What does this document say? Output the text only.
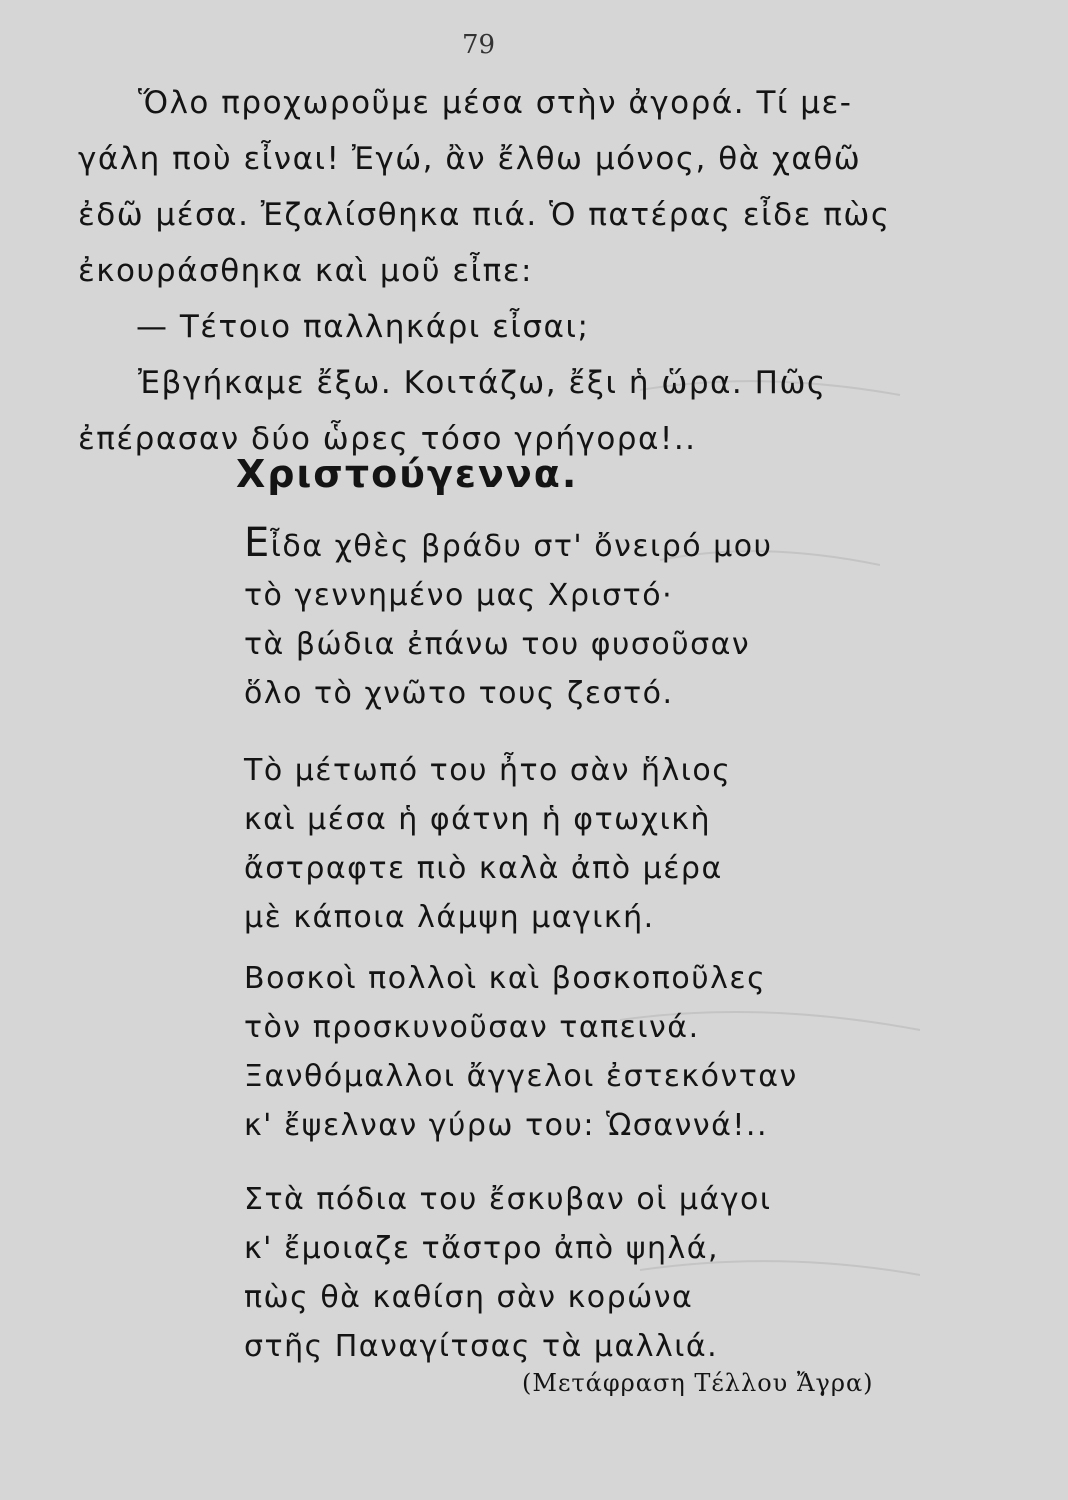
79
Ὅλο προχωροῦμε μέσα στὴν ἀγορά. Τί με-
γάλη ποὺ εἶναι! Ἐγώ, ἂν ἔλθω μόνος, θὰ χαθῶ
ἐδῶ μέσα. Ἐζαλίσθηκα πιά. Ὁ πατέρας εἶδε πὼς
ἐκουράσθηκα καὶ μοῦ εἶπε:
— Τέτοιο παλληκάρι εἶσαι;
Ἐβγήκαμε ἔξω. Κοιτάζω, ἔξι ἡ ὥρα. Πῶς
ἐπέρασαν δύο ὧρες τόσο γρήγορα!..
Χριστούγεννα.
Εἶδα χθὲς βράδυ στ' ὄνειρό μου
τὸ γεννημένο μας Χριστό·
τὰ βώδια ἐπάνω του φυσοῦσαν
ὅλο τὸ χνῶτο τους ζεστό.
Τὸ μέτωπό του ἦτο σὰν ἥλιος
καὶ μέσα ἡ φάτνη ἡ φτωχικὴ
ἄστραφτε πιὸ καλὰ ἀπὸ μέρα
μὲ κάποια λάμψη μαγική.
Βοσκοὶ πολλοὶ καὶ βοσκοποῦλες
τὸν προσκυνοῦσαν ταπεινά.
Ξανθόμαλλοι ἄγγελοι ἐστεκόνταν
κ' ἔψελναν γύρω του: Ὡσαννά!..
Στὰ πόδια του ἔσκυβαν οἱ μάγοι
κ' ἔμοιαζε τἄστρο ἀπὸ ψηλά,
πὼς θὰ καθίση σὰν κορώνα
στῆς Παναγίτσας τὰ μαλλιά.
(Μετάφραση Τέλλου Ἄγρα)
